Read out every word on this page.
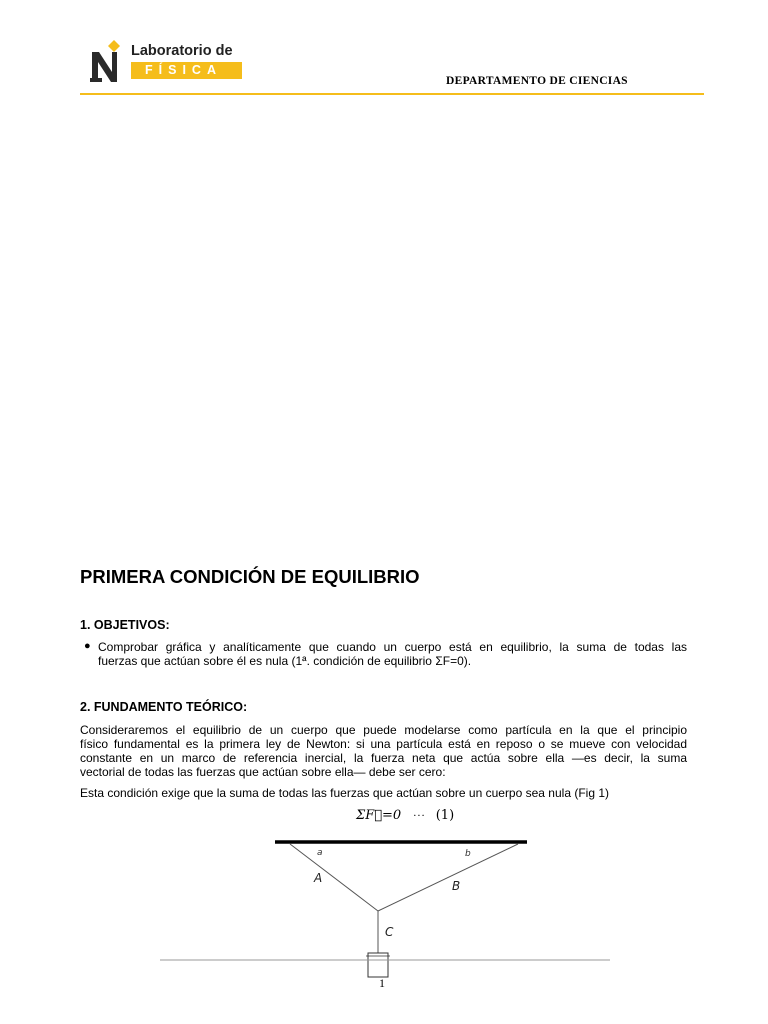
Laboratorio de
FÍSICA
DEPARTAMENTO DE CIENCIAS
PRIMERA CONDICIÓN DE EQUILIBRIO
1. OBJETIVOS:
● Comprobar gráfica y analíticamente que cuando un cuerpo está en equilibrio, la suma de todas las
fuerzas que actúan sobre él es nula (1ª. condición de equilibrio ΣF=0).
2. FUNDAMENTO TEÓRICO:
Consideraremos el equilibrio de un cuerpo que puede modelarse como partícula en la que el principio
físico fundamental es la primera ley de Newton: si una partícula está en reposo o se mueve con velocidad
constante en un marco de referencia inercial, la fuerza neta que actúa sobre ella —es decir, la suma
vectorial de todas las fuerzas que actúan sobre ella— debe ser cero:
Esta condición exige que la suma de todas las fuerzas que actúan sobre un cuerpo sea nula (Fig 1)
ΣF⃗=0 ··· (1)
a	b
A
B
C
1
